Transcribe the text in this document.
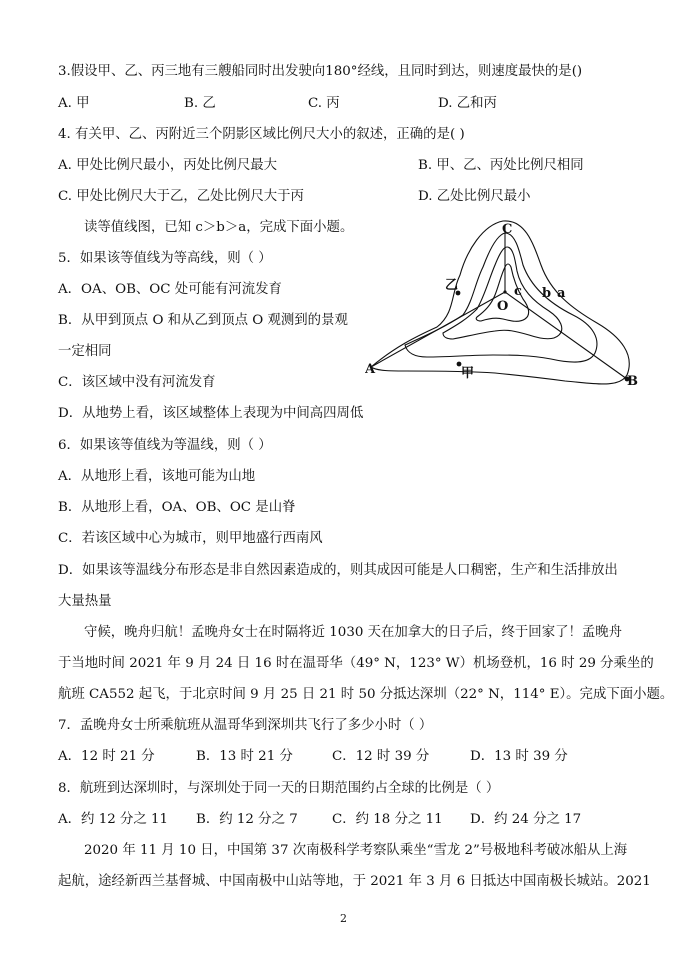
3.假设甲、乙、丙三地有三艘船同时出发驶向180°经线，且同时到达，则速度最快的是()
A. 甲	B. 乙	C. 丙	D. 乙和丙
4. 有关甲、乙、丙附近三个阴影区域比例尺大小的叙述，正确的是( )
A. 甲处比例尺最小，丙处比例尺最大	B. 甲、乙、丙处比例尺相同
C. 甲处比例尺大于乙，乙处比例尺大于丙	D. 乙处比例尺最小
读等值线图，已知 c＞b＞a，完成下面小题。
5．如果该等值线为等高线，则（ ）
A．OA、OB、OC 处可能有河流发育
B．从甲到顶点 O 和从乙到顶点 O 观测到的景观
一定相同
C．该区域中没有河流发育
D．从地势上看，该区域整体上表现为中间高四周低
6．如果该等值线为等温线，则（ ）
A．从地形上看，该地可能为山地
B．从地形上看，OA、OB、OC 是山脊
C．若该区域中心为城市，则甲地盛行西南风
D．如果该等温线分布形态是非自然因素造成的，则其成因可能是人口稠密，生产和生活排放出
大量热量
守候，晚舟归航！孟晚舟女士在时隔将近 1030 天在加拿大的日子后，终于回家了！孟晚舟
于当地时间 2021 年 9 月 24 日 16 时在温哥华（49° N，123° W）机场登机，16 时 29 分乘坐的
航班 CA552 起飞，于北京时间 9 月 25 日 21 时 50 分抵达深圳（22° N，114° E）。完成下面小题。
7．孟晚舟女士所乘航班从温哥华到深圳共飞行了多少小时（ ）
A．12 时 21 分	B．13 时 21 分	C．12 时 39 分	D．13 时 39 分
8．航班到达深圳时，与深圳处于同一天的日期范围约占全球的比例是（ ）
A．约 12 分之 11 B．约 12 分之 7	C．约 18 分之 11 D．约 24 分之 17
2020 年 11 月 10 日，中国第 37 次南极科学考察队乘坐“雪龙 2”号极地科考破冰船从上海
起航，途经新西兰基督城、中国南极中山站等地，于 2021 年 3 月 6 日抵达中国南极长城站。2021
2
C
乙
O
c b a
A	甲
B
